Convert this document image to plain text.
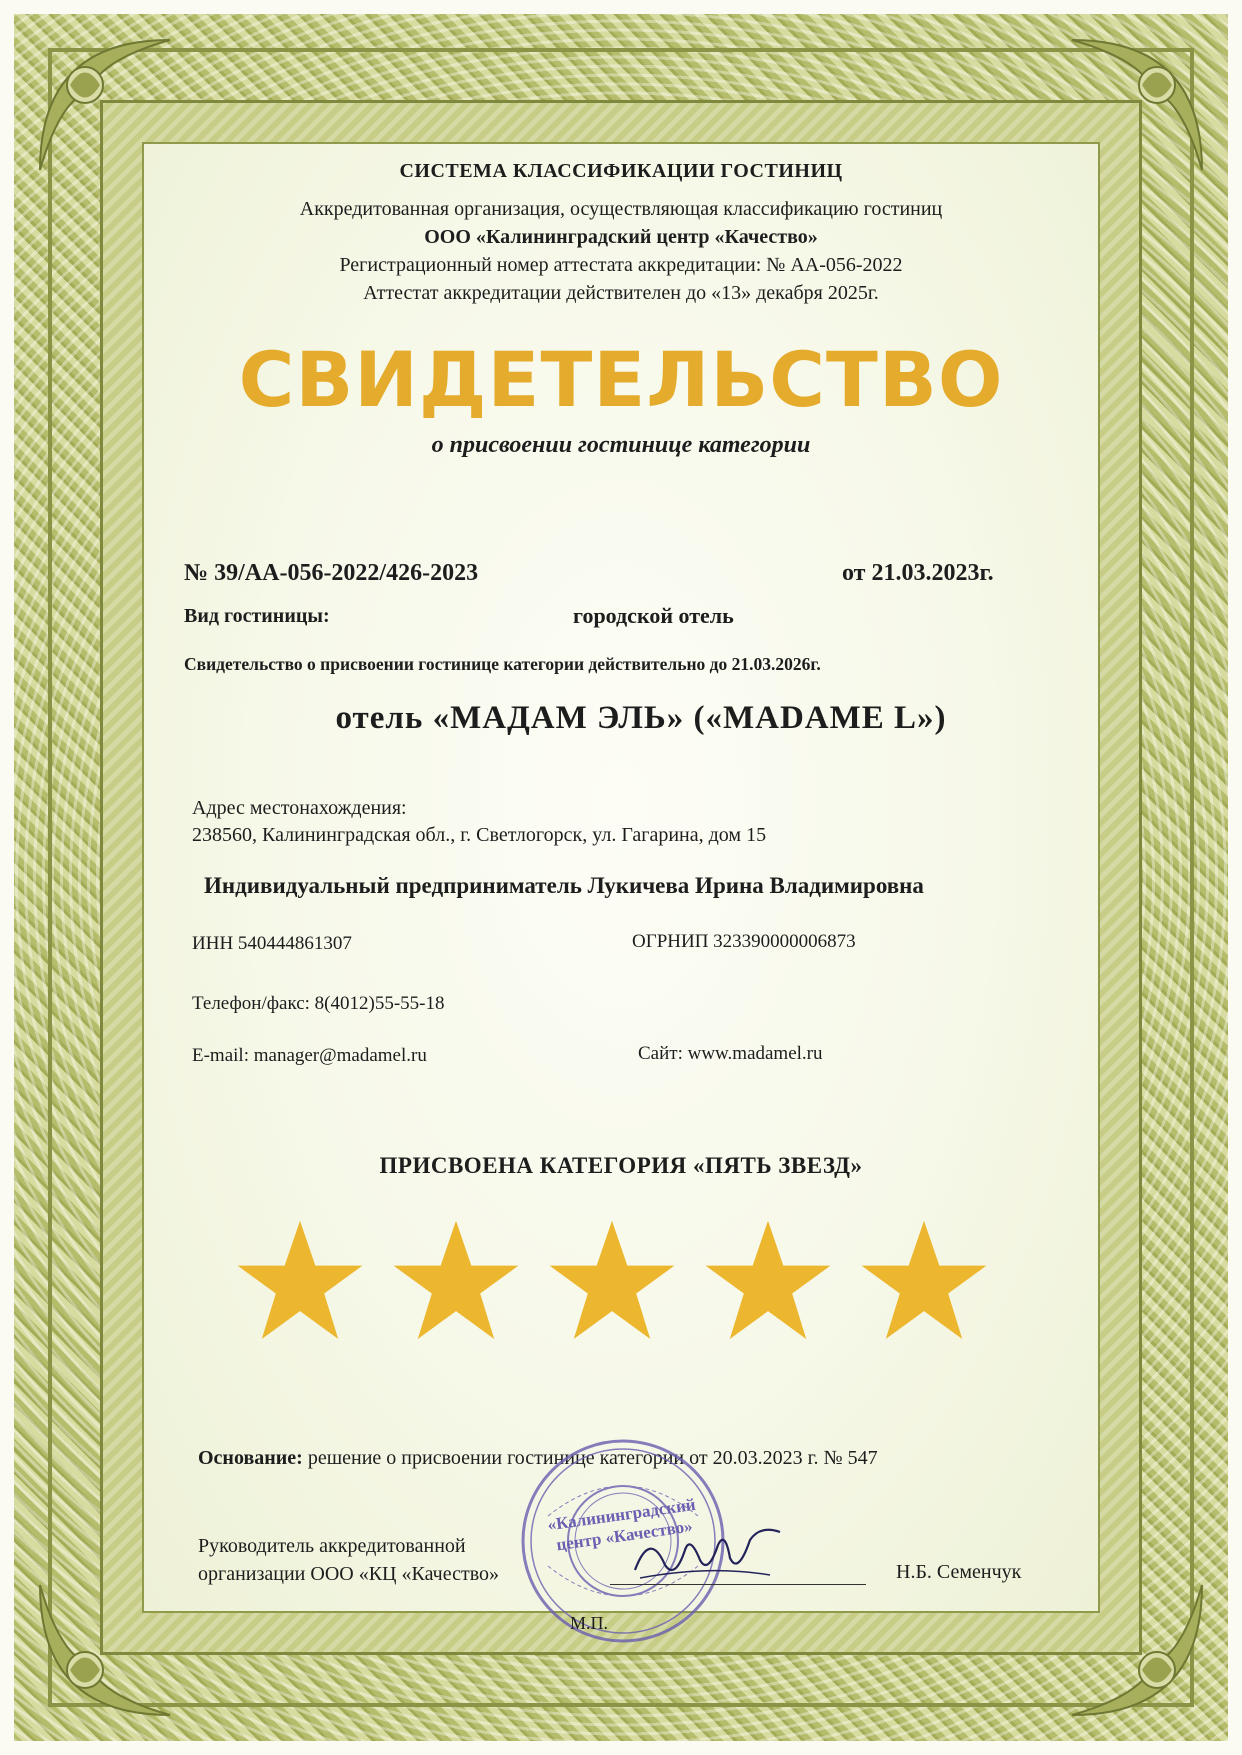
СИСТЕМА КЛАССИФИКАЦИИ ГОСТИНИЦ
Аккредитованная организация, осуществляющая классификацию гостиниц
ООО «Калининградский центр «Качество»
Регистрационный номер аттестата аккредитации: № АА-056-2022
Аттестат аккредитации действителен до «13» декабря 2025г.
СВИДЕТЕЛЬСТВО
о присвоении гостинице категории
№ 39/АА-056-2022/426-2023	от 21.03.2023г.
Вид гостиницы:	городской отель
Свидетельство о присвоении гостинице категории действительно до 21.03.2026г.
отель «МАДАМ ЭЛЬ» («MADAME L»)
Адрес местонахождения:
238560, Калининградская обл., г. Светлогорск, ул. Гагарина, дом 15
Индивидуальный предприниматель Лукичева Ирина Владимировна
ИНН 540444861307	ОГРНИП 323390000006873
Телефон/факс: 8(4012)55-55-18
E-mail: manager@madamel.ru	Сайт: www.madamel.ru
ПРИСВОЕНА КАТЕГОРИЯ «ПЯТЬ ЗВЕЗД»
Основание: решение о присвоении гостинице категории от 20.03.2023 г. № 547
«Калининградский центр «Качество»
Руководитель аккредитованной
организации ООО «КЦ «Качество»	Н.Б. Семенчук
М.П.
